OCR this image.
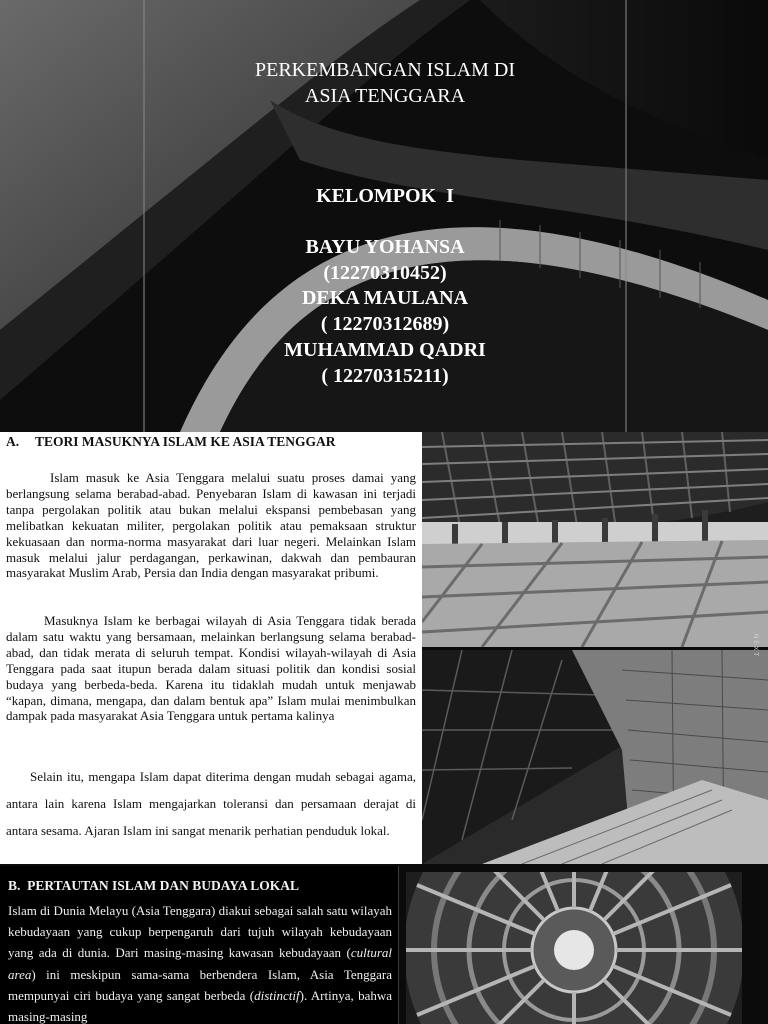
PERKEMBANGAN ISLAM DI
ASIA TENGGARA
KELOMPOK  I
BAYU YOHANSA
(12270310452)
DEKA MAULANA
( 12270312689)
MUHAMMAD QADRI
( 12270315211)
A. TEORI MASUKNYA ISLAM KE ASIA TENGGAR

Islam masuk ke Asia Tenggara melalui suatu proses damai yang berlangsung selama berabad-abad. Penyebaran Islam di kawasan ini terjadi tanpa pergolakan politik atau bukan melalui ekspansi pembebasan yang melibatkan kekuatan militer, pergolakan politik atau pemaksaan struktur kekuasaan dan norma-norma masyarakat dari luar negeri. Melainkan Islam masuk melalui jalur perdagangan, perkawinan, dakwah dan pembauran masyarakat Muslim Arab, Persia dan India dengan masyarakat pribumi.

Masuknya Islam ke berbagai wilayah di Asia Tenggara tidak berada dalam satu waktu yang bersamaan, melainkan berlangsung selama berabad-abad, dan tidak merata di seluruh tempat. Kondisi wilayah-wilayah di Asia Tenggara pada saat itupun berada dalam situasi politik dan kondisi sosial budaya yang berbeda-beda. Karena itu tidaklah mudah untuk menjawab “kapan, dimana, mengapa, dan dalam bentuk apa” Islam mulai menimbulkan dampak pada masyarakat Asia Tenggara untuk pertama kalinya

Selain itu, mengapa Islam dapat diterima dengan mudah sebagai agama, antara lain karena Islam mengajarkan toleransi dan persamaan derajat di antara sesama. Ajaran Islam ini sangat menarik perhatian penduduk lokal.

NEXT
B. PERTAUTAN ISLAM DAN BUDAYA LOKAL

Islam di Dunia Melayu (Asia Tenggara) diakui sebagai salah satu wilayah kebudayaan yang cukup berpengaruh dari tujuh wilayah kebudayaan yang ada di dunia. Dari masing-masing kawasan kebudayaan (cultural area) ini meskipun sama-sama berbendera Islam, Asia Tenggara mempunyai ciri budaya yang sangat berbeda (distinctif). Artinya, bahwa masing-masing
